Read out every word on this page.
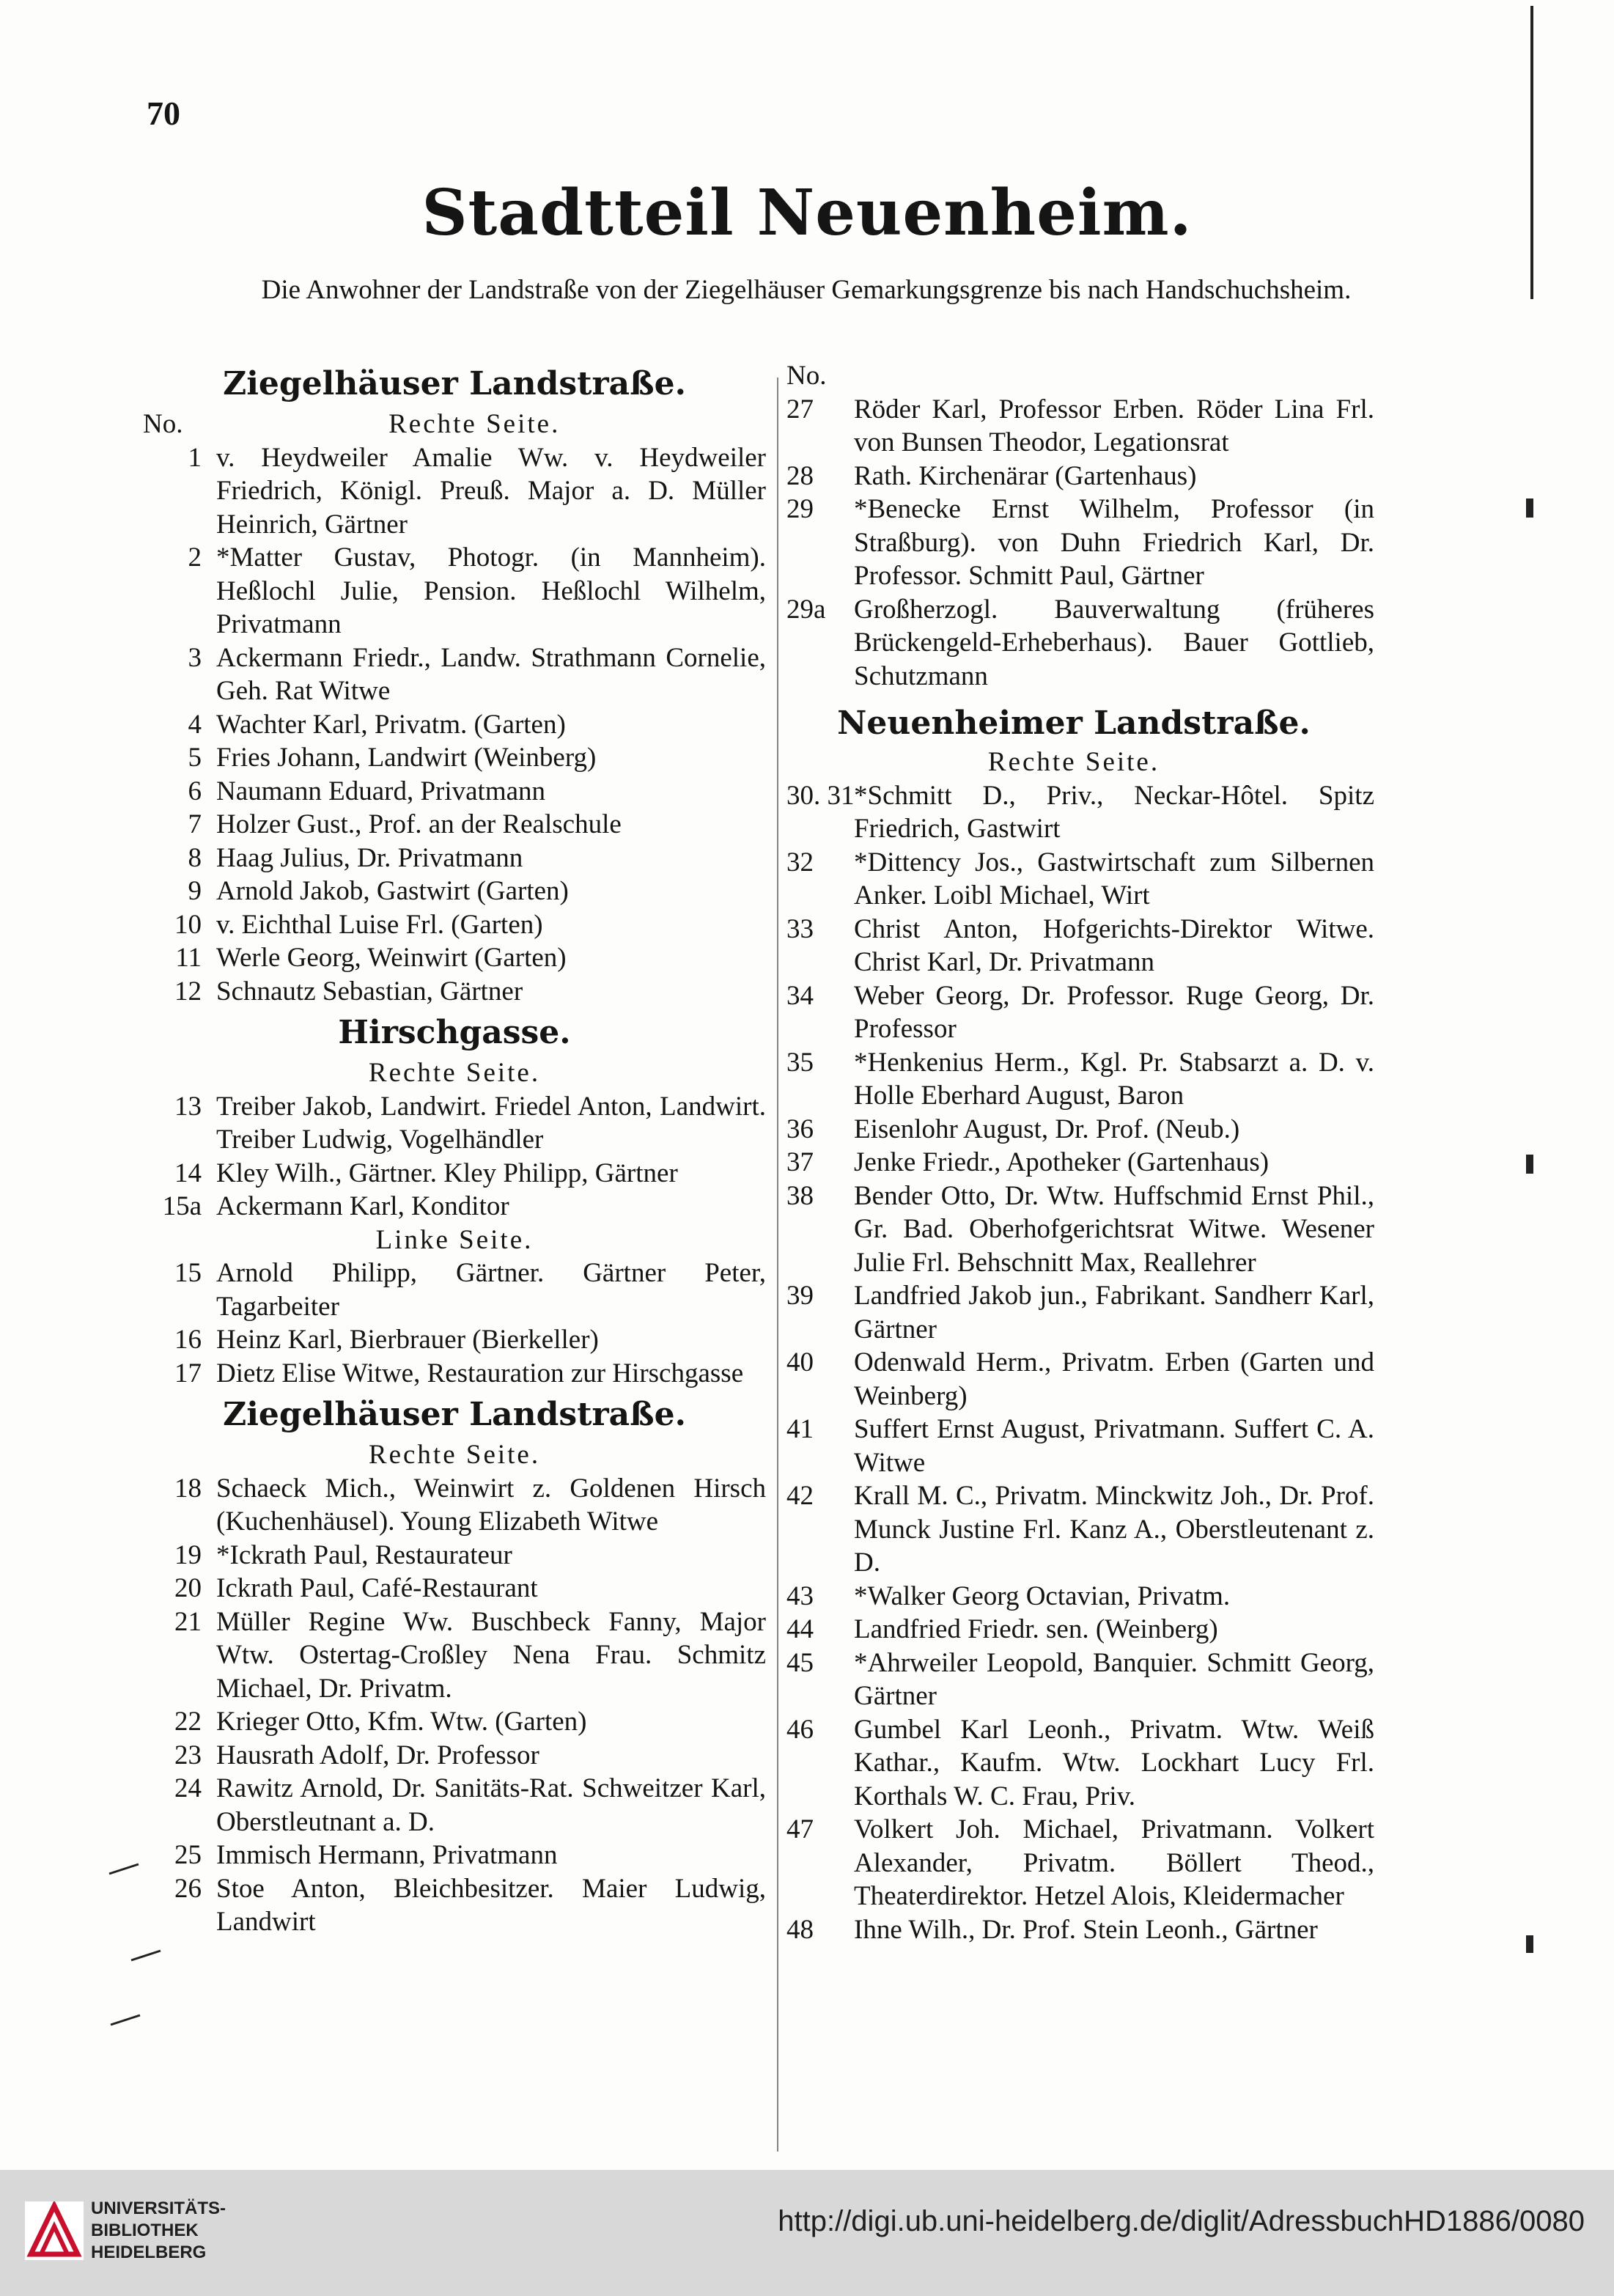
70
Stadtteil Neuenheim.
Die Anwohner der Landstraße von der Ziegelhäuser Gemarkungsgrenze bis nach Handschuchsheim.
Ziegelhäuser Landstraße.
No.	Rechte Seite.
1 v. Heydweiler Amalie Ww. v. Heydweiler Friedrich, Königl. Preuß. Major a. D. Müller Heinrich, Gärtner
2 *Matter Gustav, Photogr. (in Mannheim). Heßlochl Julie, Pension. Heßlochl Wilhelm, Privatmann
3 Ackermann Friedr., Landw. Strathmann Cornelie, Geh. Rat Witwe
4 Wachter Karl, Privatm. (Garten)
5 Fries Johann, Landwirt (Weinberg)
6 Naumann Eduard, Privatmann
7 Holzer Gust., Prof. an der Realschule
8 Haag Julius, Dr. Privatmann
9 Arnold Jakob, Gastwirt (Garten)
10 v. Eichthal Luise Frl. (Garten)
11 Werle Georg, Weinwirt (Garten)
12 Schnautz Sebastian, Gärtner
Hirschgasse.
Rechte Seite.
13 Treiber Jakob, Landwirt. Friedel Anton, Landwirt. Treiber Ludwig, Vogelhändler
14 Kley Wilh., Gärtner. Kley Philipp, Gärtner
15a Ackermann Karl, Konditor
Linke Seite.
15 Arnold Philipp, Gärtner. Gärtner Peter, Tagarbeiter
16 Heinz Karl, Bierbrauer (Bierkeller)
17 Dietz Elise Witwe, Restauration zur Hirschgasse
Ziegelhäuser Landstraße.
Rechte Seite.
18 Schaeck Mich., Weinwirt z. Goldenen Hirsch (Kuchenhäusel). Young Elizabeth Witwe
19 *Ickrath Paul, Restaurateur
20 Ickrath Paul, Café-Restaurant
21 Müller Regine Ww. Buschbeck Fanny, Major Wtw. Ostertag-Croßley Nena Frau. Schmitz Michael, Dr. Privatm.
22 Krieger Otto, Kfm. Wtw. (Garten)
23 Hausrath Adolf, Dr. Professor
24 Rawitz Arnold, Dr. Sanitäts-Rat. Schweitzer Karl, Oberstleutnant a. D.
25 Immisch Hermann, Privatmann
26 Stoe Anton, Bleichbesitzer. Maier Ludwig, Landwirt
No.
27	Röder Karl, Professor Erben. Röder Lina Frl. von Bunsen Theodor, Legationsrat
28	Rath. Kirchenärar (Gartenhaus)
29	*Benecke Ernst Wilhelm, Professor (in Straßburg). von Duhn Friedrich Karl, Dr. Professor. Schmitt Paul, Gärtner
29a	Großherzogl. Bauverwaltung (früheres Brückengeld-Erheberhaus). Bauer Gottlieb, Schutzmann
Neuenheimer Landstraße.
Rechte Seite.
30. 31 *Schmitt D., Priv., Neckar-Hôtel. Spitz Friedrich, Gastwirt
32	*Dittency Jos., Gastwirtschaft zum Silbernen Anker. Loibl Michael, Wirt
33	Christ Anton, Hofgerichts-Direktor Witwe. Christ Karl, Dr. Privatmann
34	Weber Georg, Dr. Professor. Ruge Georg, Dr. Professor
35	*Henkenius Herm., Kgl. Pr. Stabsarzt a. D. v. Holle Eberhard August, Baron
36	Eisenlohr August, Dr. Prof. (Neub.)
37	Jenke Friedr., Apotheker (Gartenhaus)
38	Bender Otto, Dr. Wtw. Huffschmid Ernst Phil., Gr. Bad. Oberhofgerichtsrat Witwe. Wesener Julie Frl. Behschnitt Max, Reallehrer
39	Landfried Jakob jun., Fabrikant. Sandherr Karl, Gärtner
40	Odenwald Herm., Privatm. Erben (Garten und Weinberg)
41	Suffert Ernst August, Privatmann. Suffert C. A. Witwe
42	Krall M. C., Privatm. Minckwitz Joh., Dr. Prof. Munck Justine Frl. Kanz A., Oberstleutenant z. D.
43	*Walker Georg Octavian, Privatm.
44	Landfried Friedr. sen. (Weinberg)
45	*Ahrweiler Leopold, Banquier. Schmitt Georg, Gärtner
46	Gumbel Karl Leonh., Privatm. Wtw. Weiß Kathar., Kaufm. Wtw. Lockhart Lucy Frl. Korthals W. C. Frau, Priv.
47	Volkert Joh. Michael, Privatmann. Volkert Alexander, Privatm. Böllert Theod., Theaterdirektor. Hetzel Alois, Kleidermacher
48	Ihne Wilh., Dr. Prof. Stein Leonh., Gärtner
UNIVERSITÄTS-
BIBLIOTHEK
HEIDELBERG
http://digi.ub.uni-heidelberg.de/diglit/AdressbuchHD1886/0080
